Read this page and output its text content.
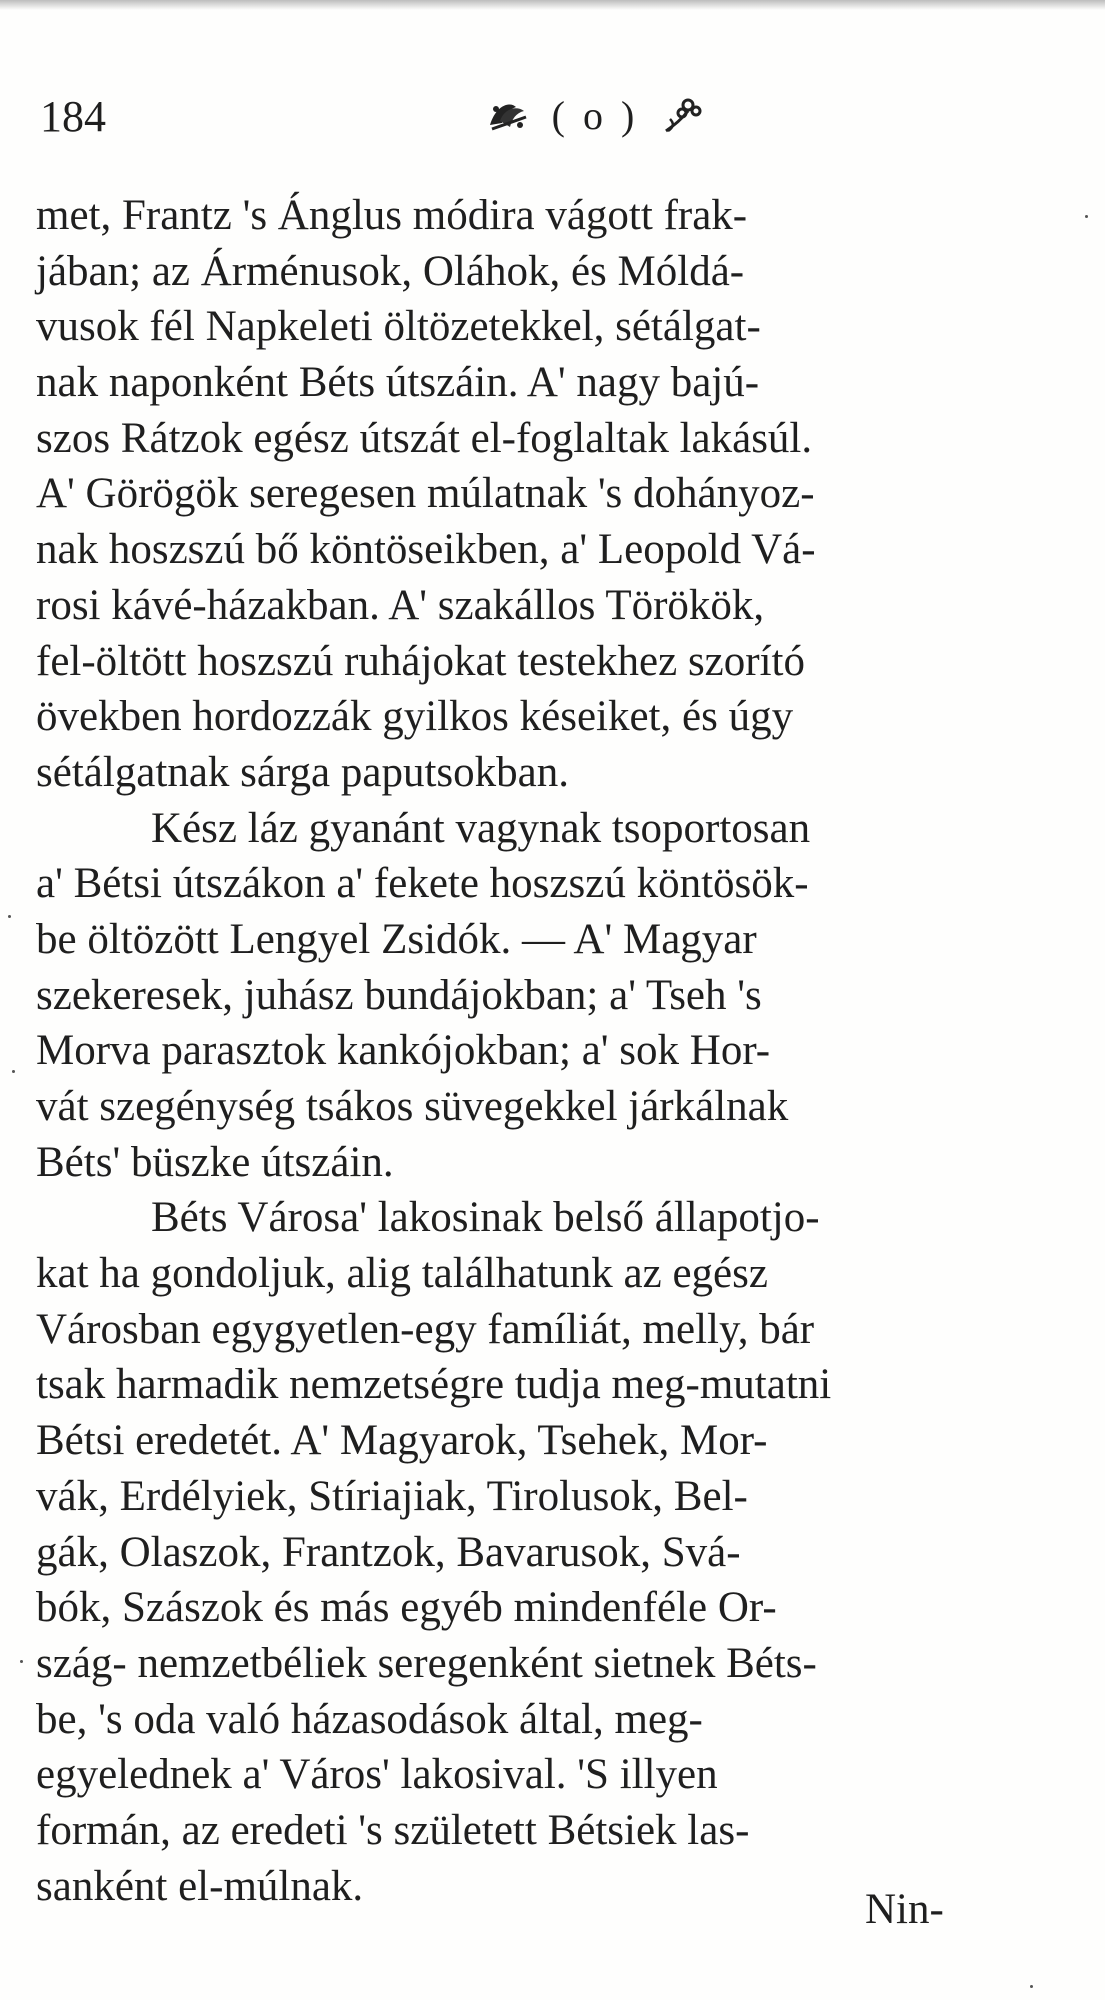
184	( o )
met, Frantz 's Ánglus módira vágott frak-
jában; az Árménusok, Oláhok, és Móldá-
vusok fél Napkeleti öltözetekkel, sétálgat-
nak naponként Béts útszáin. A' nagy bajú-
szos Rátzok egész útszát el-foglaltak lakásúl.
A' Görögök seregesen múlatnak 's dohányoz-
nak hoszszú bő köntöseikben, a' Leopold Vá-
rosi kávé-házakban. A' szakállos Törökök,
fel-öltött hoszszú ruhájokat testekhez szorító
övekben hordozzák gyilkos késeiket, és úgy
sétálgatnak sárga paputsokban.
Kész láz gyanánt vagynak tsoportosan
a' Bétsi útszákon a' fekete hoszszú köntösök-
be öltözött Lengyel Zsidók. — A' Magyar
szekeresek, juhász bundájokban; a' Tseh 's
Morva parasztok kankójokban; a' sok Hor-
vát szegénység tsákos süvegekkel járkálnak
Béts' büszke útszáin.
Béts Városa' lakosinak belső állapotjo-
kat ha gondoljuk, alig találhatunk az egész
Városban egygyetlen-egy famíliát, melly, bár
tsak harmadik nemzetségre tudja meg-mutatni
Bétsi eredetét. A' Magyarok, Tsehek, Mor-
vák, Erdélyiek, Stíriajiak, Tirolusok, Bel-
gák, Olaszok, Frantzok, Bavarusok, Svá-
bók, Szászok és más egyéb mindenféle Or-
szág- nemzetbéliek seregenként sietnek Béts-
be, 's oda való házasodások által, meg-
egyelednek a' Város' lakosival. 'S illyen
formán, az eredeti 's született Bétsiek las-
sanként el-múlnak.	Nin-
